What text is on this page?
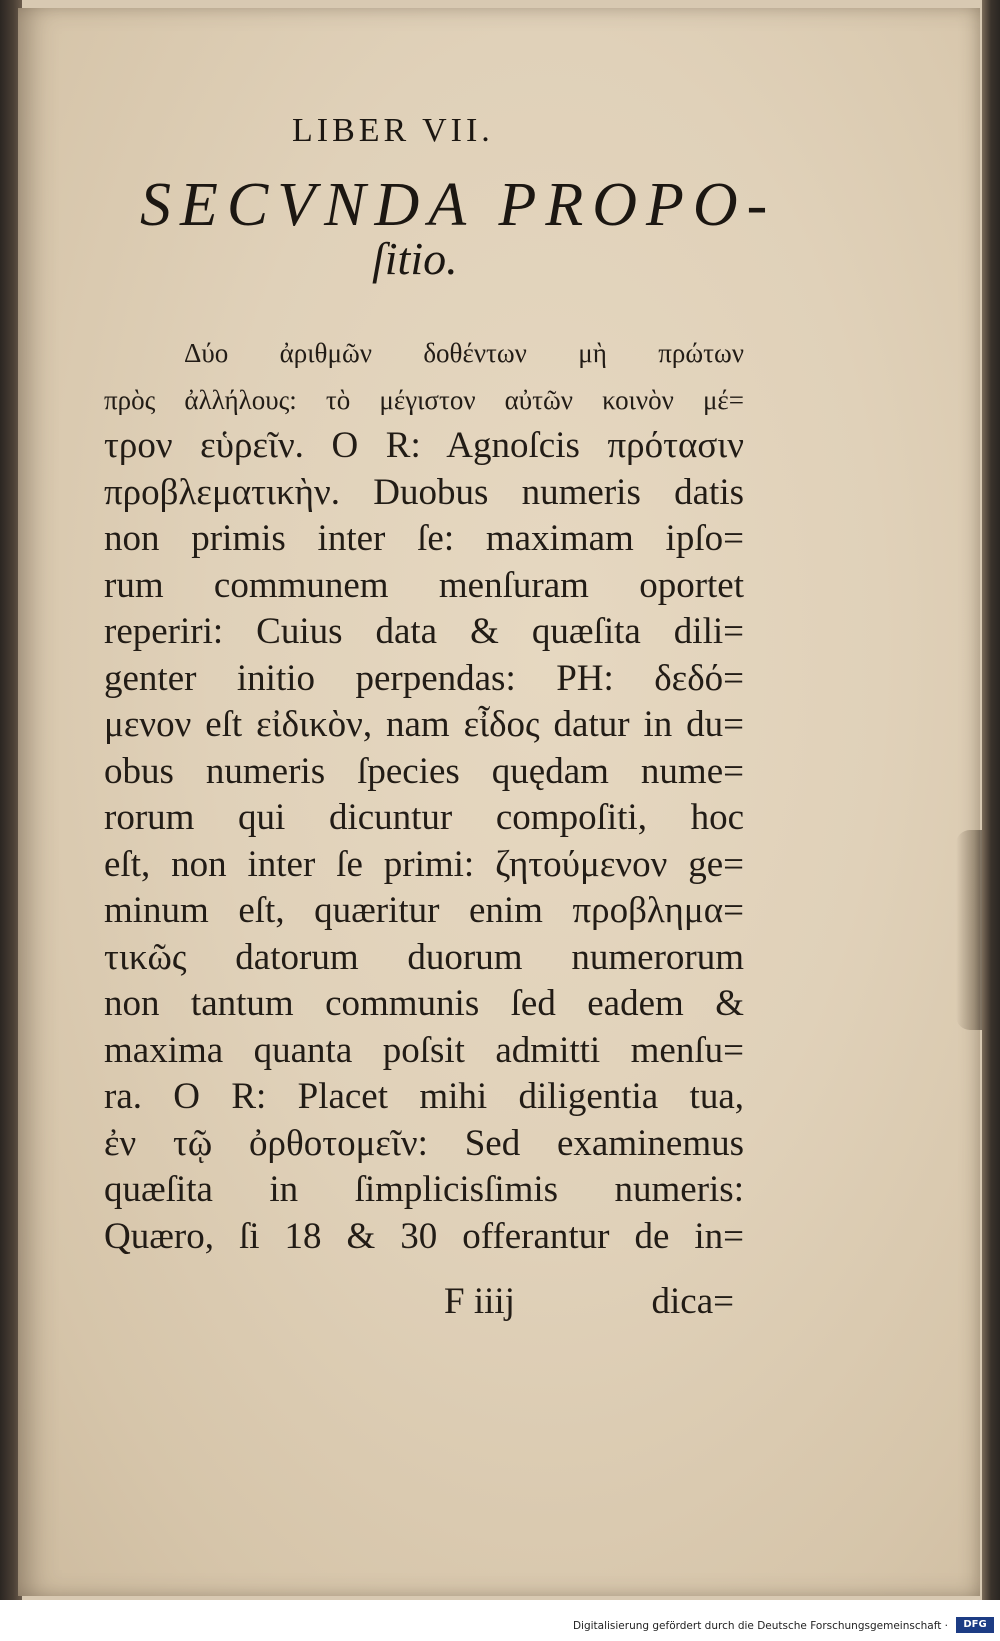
LIBER VII.
SECVNDA PROPO-
ſitio.
Δύο ἀριθμῶν δοθέντων μὴ πρώτων
πρὸς ἀλλήλους: τὸ μέγιστον αὐτῶν κοινὸν μέ=
τρον εὑρεῖν. O R: Agnoſcis πρότασιν
προβλεματικὴν. Duobus numeris datis
non primis inter ſe: maximam ipſo=
rum communem menſuram oportet
reperiri: Cuius data & quæſita dili=
genter initio perpendas: PH: δεδό=
μενον eſt εἰδικὸν, nam εἶδος datur in du=
obus numeris ſpecies quędam nume=
rorum qui dicuntur compoſiti, hoc
eſt, non inter ſe primi: ζητούμενον ge=
minum eſt, quæritur enim προβλημα=
τικῶς datorum duorum numerorum
non tantum communis ſed eadem &
maxima quanta poſsit admitti menſu=
ra. O R: Placet mihi diligentia tua,
ἐν τῷ ὀρθοτομεῖν: Sed examinemus
quæſita in ſimplicisſimis numeris:
Quæro, ſi 18 & 30 offerantur de in=
F iiij	dica=
Digitalisierung gefördert durch die Deutsche Forschungsgemeinschaft ·	DFG
